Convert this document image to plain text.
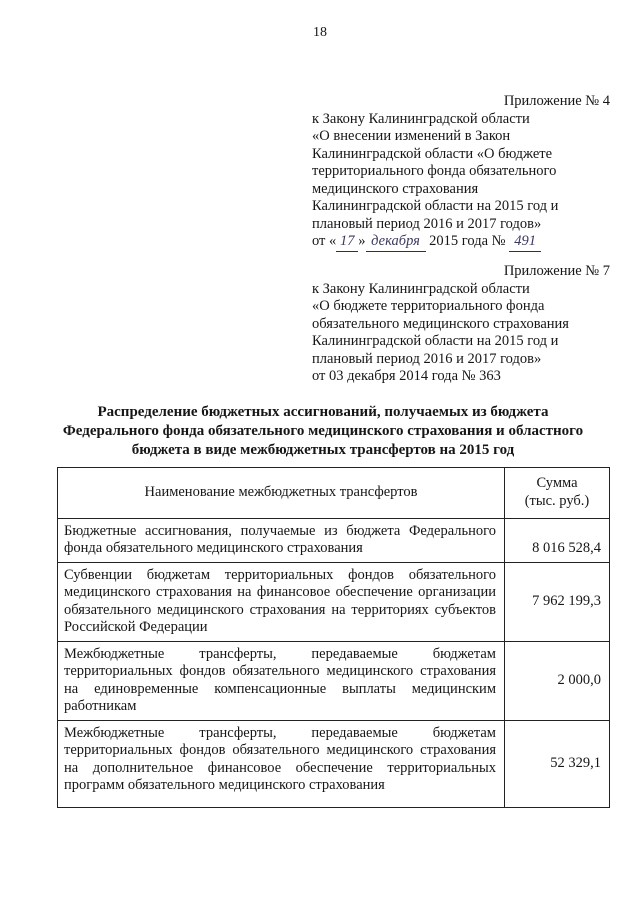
18
Приложение № 4
к Закону Калининградской области
«О внесении изменений в Закон
Калининградской области «О бюджете
территориального фонда обязательного
медицинского страхования
Калининградской области на 2015 год и
плановый период 2016 и 2017 годов»
от « 17 » декабря 2015 года № 491
Приложение № 7
к Закону Калининградской области
«О бюджете территориального фонда
обязательного медицинского страхования
Калининградской области на 2015 год и
плановый период 2016 и 2017 годов»
от 03 декабря 2014 года № 363
Распределение бюджетных ассигнований, получаемых из бюджета
Федерального фонда обязательного медицинского страхования и областного
бюджета в виде межбюджетных трансфертов на 2015 год
Наименование межбюджетных трансфертов	Сумма
(тыс. руб.)

Бюджетные ассигнования, получаемые из бюджета Федерального фонда обязательного медицинского страхования	8 016 528,4
Субвенции бюджетам территориальных фондов обязательного медицинского страхования на финансовое обеспечение организации обязательного медицинского страхования на территориях субъектов Российской Федерации	7 962 199,3
Межбюджетные трансферты, передаваемые бюджетам территориальных фондов обязательного медицинского страхования на единовременные компенсационные выплаты медицинским работникам	2 000,0
Межбюджетные трансферты, передаваемые бюджетам территориальных фондов обязательного медицинского страхования на дополнительное финансовое обеспечение территориальных программ обязательного медицинского страхования	52 329,1
